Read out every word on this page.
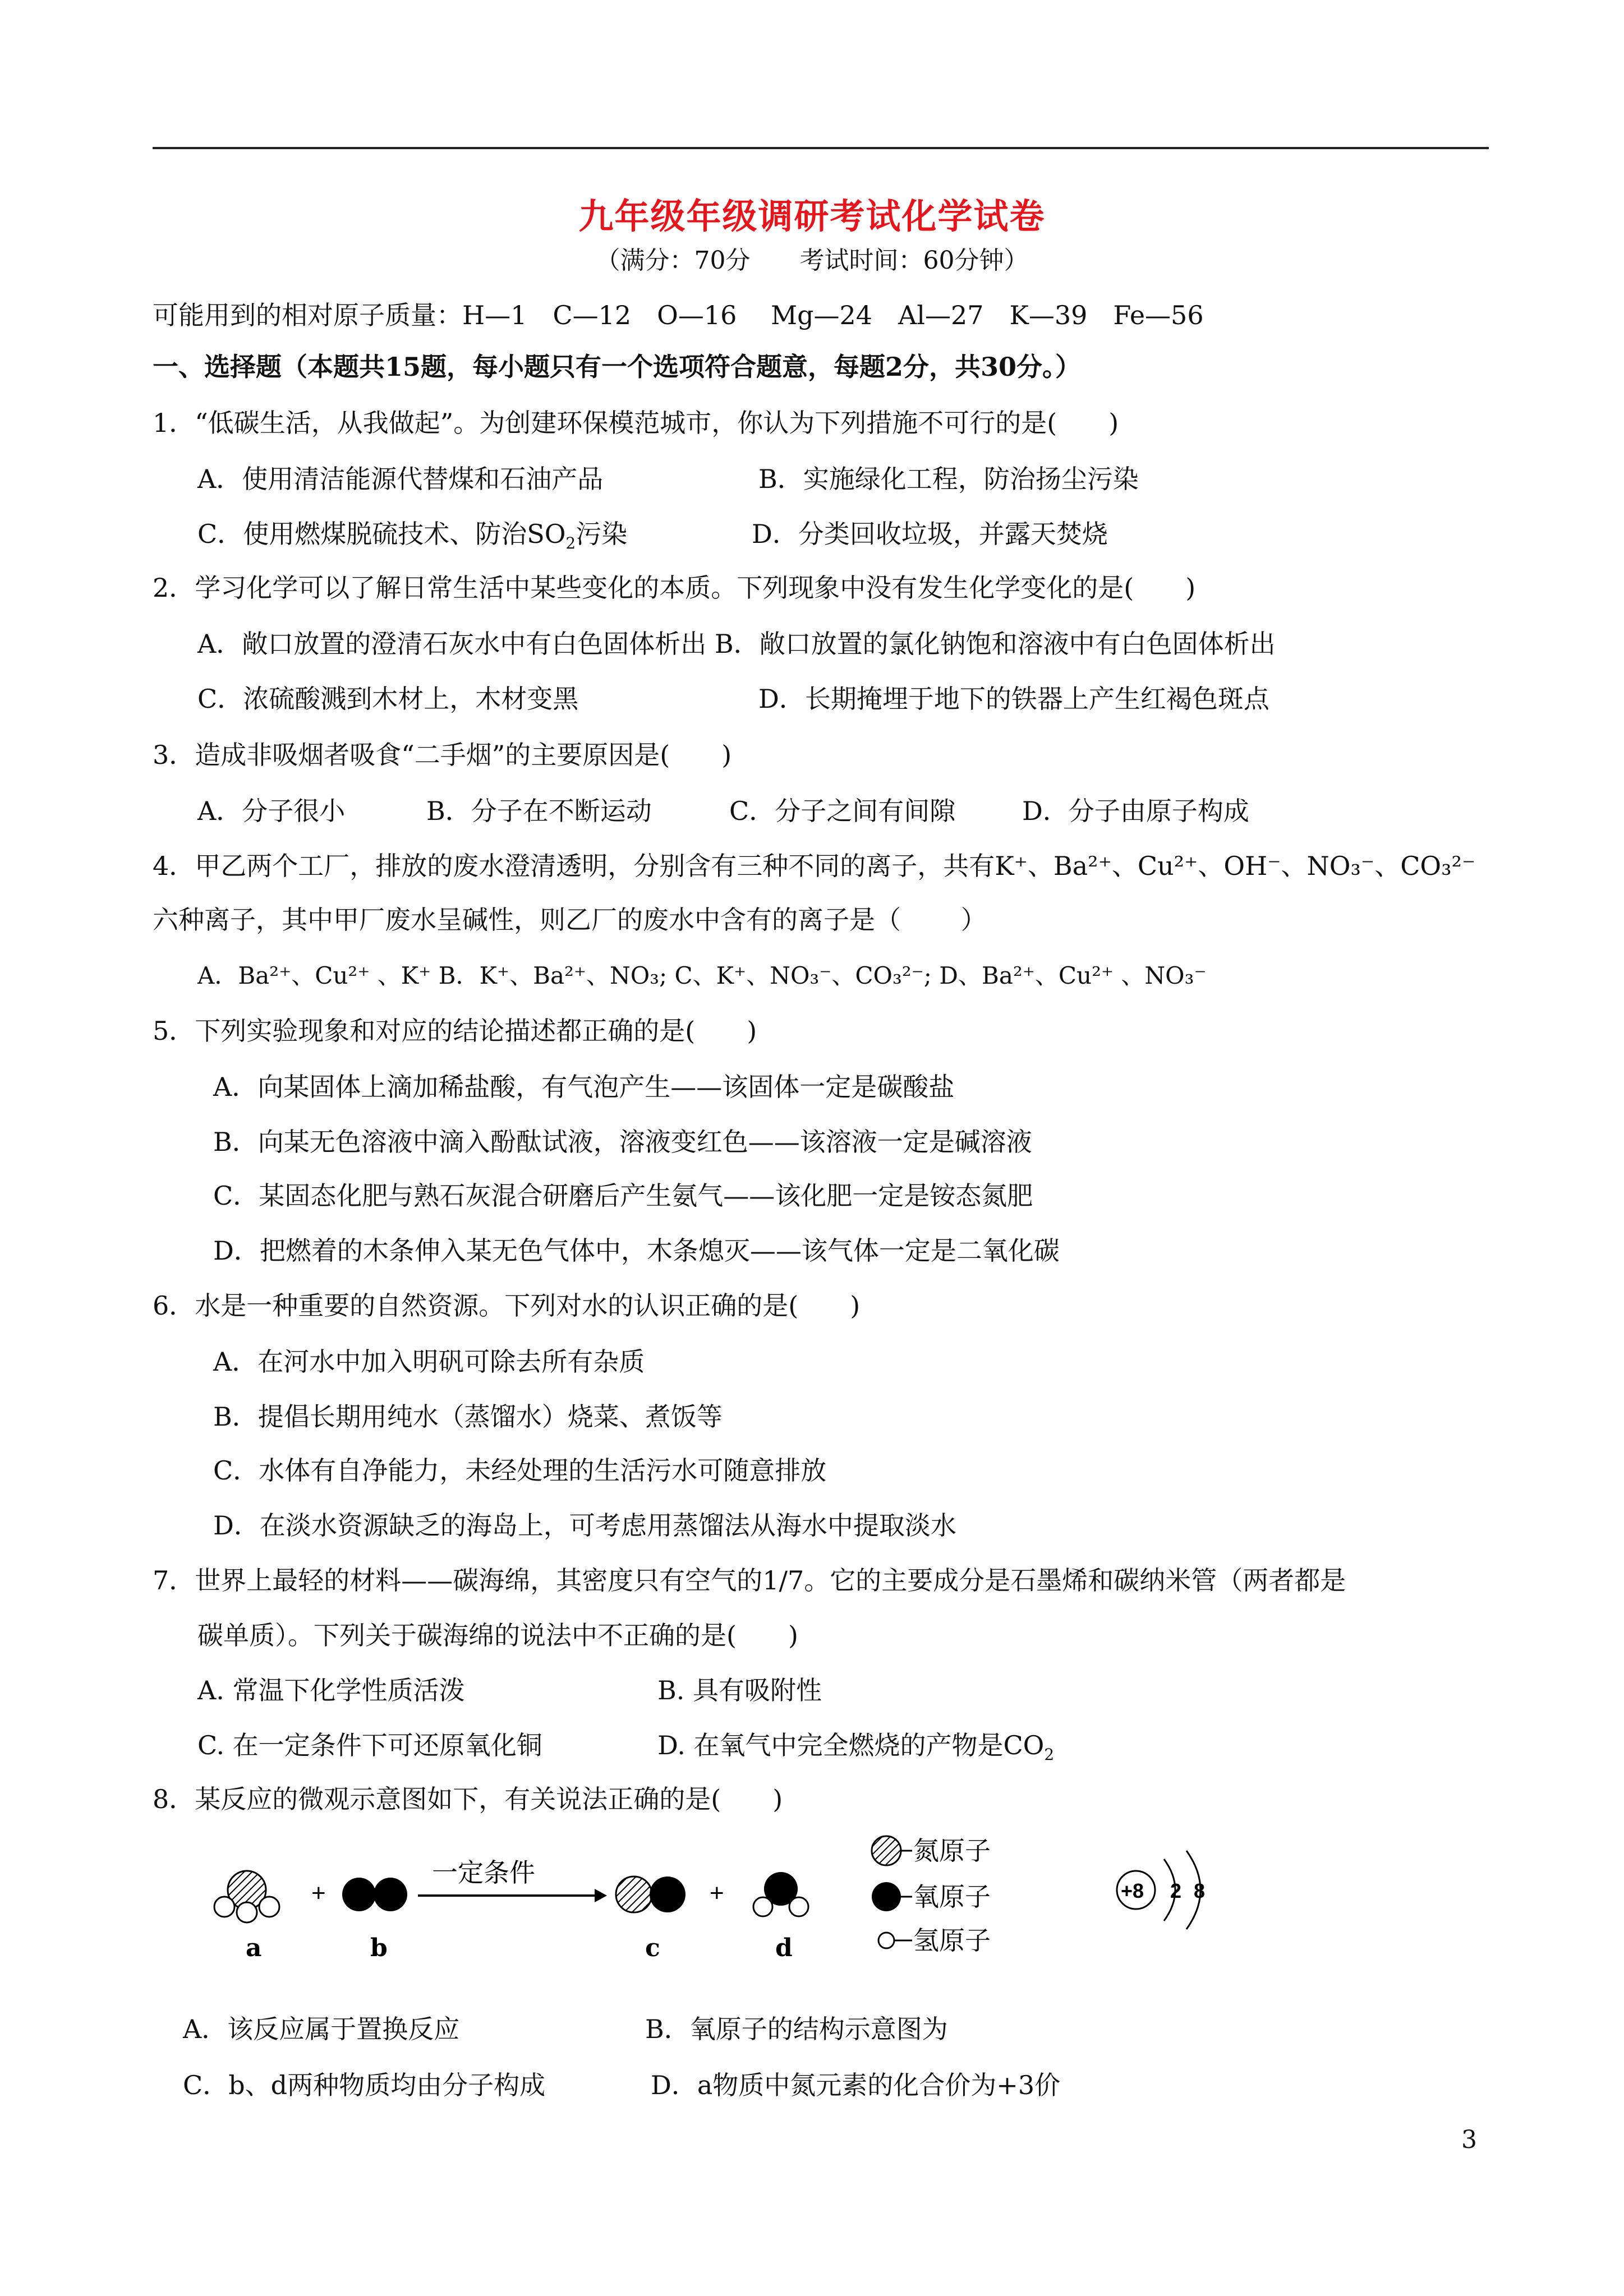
九年级年级调研考试化学试卷
（满分：70分　　考试时间：60分钟）
可能用到的相对原子质量：H—1　C—12　O—16　 Mg—24　Al—27　K—39　Fe—56
一、选择题（本题共15题，每小题只有一个选项符合题意，每题2分，共30分。）
1．“低碳生活，从我做起”。为创建环保模范城市，你认为下列措施不可行的是(　　)
A．使用清洁能源代替煤和石油产品	B．实施绿化工程，防治扬尘污染
C．使用燃煤脱硫技术、防治$SO_2$污染	D．分类回收垃圾，并露天焚烧
2．学习化学可以了解日常生活中某些变化的本质。下列现象中没有发生化学变化的是(　　)
A．敞口放置的澄清石灰水中有白色固体析出 B．敞口放置的氯化钠饱和溶液中有白色固体析出
C．浓硫酸溅到木材上，木材变黑	D．长期掩埋于地下的铁器上产生红褐色斑点
3．造成非吸烟者吸食“二手烟”的主要原因是(　　)
A．分子很小	B．分子在不断运动	C．分子之间有间隙	D．分子由原子构成
4．甲乙两个工厂，排放的废水澄清透明，分别含有三种不同的离子，共有K⁺、Ba²⁺、Cu²⁺、OH⁻、NO₃⁻、CO₃²⁻
六种离子，其中甲厂废水呈碱性，则乙厂的废水中含有的离子是（　　 ）
A．Ba²⁺、Cu²⁺ 、K⁺ B．K⁺、Ba²⁺、NO₃; C、K⁺、NO₃⁻、CO₃²⁻; D、Ba²⁺、Cu²⁺ 、NO₃⁻
5．下列实验现象和对应的结论描述都正确的是(　　)
A．向某固体上滴加稀盐酸，有气泡产生——该固体一定是碳酸盐
B．向某无色溶液中滴入酚酞试液，溶液变红色——该溶液一定是碱溶液
C．某固态化肥与熟石灰混合研磨后产生氨气——该化肥一定是铵态氮肥
D．把燃着的木条伸入某无色气体中，木条熄灭——该气体一定是二氧化碳
6．水是一种重要的自然资源。下列对水的认识正确的是(　　)
A．在河水中加入明矾可除去所有杂质
B．提倡长期用纯水（蒸馏水）烧菜、煮饭等
C．水体有自净能力，未经处理的生活污水可随意排放
D．在淡水资源缺乏的海岛上，可考虑用蒸馏法从海水中提取淡水
7．世界上最轻的材料——碳海绵，其密度只有空气的1/7。它的主要成分是石墨烯和碳纳米管（两者都是
碳单质）。下列关于碳海绵的说法中不正确的是(　　)
A. 常温下化学性质活泼	B. 具有吸附性
C. 在一定条件下可还原氧化铜	D. 在氧气中完全燃烧的产物是$CO_2$
8．某反应的微观示意图如下，有关说法正确的是(　　)
+
一定条件
+
a	b	c	d
氮原子
氧原子
氢原子
+8 2 8
A．该反应属于置换反应	B．氧原子的结构示意图为
C．b、d两种物质均由分子构成	D．a物质中氮元素的化合价为+3价
3
